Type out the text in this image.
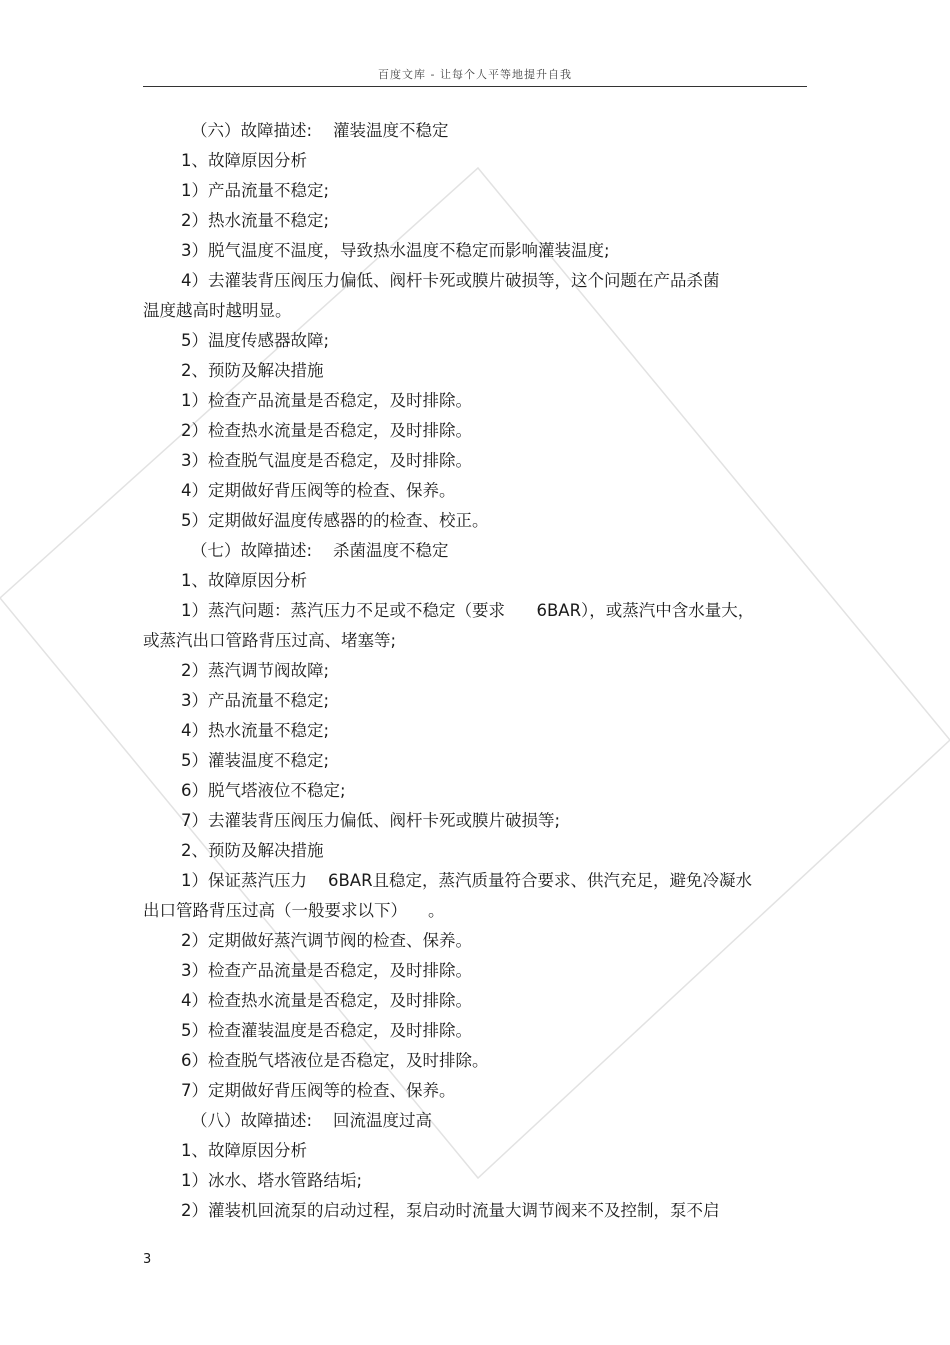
百度文库 - 让每个人平等地提升自我
（六）故障描述:    灌装温度不稳定
1、故障原因分析
1）产品流量不稳定;
2）热水流量不稳定;
3）脱气温度不温度，导致热水温度不稳定而影响灌装温度;
4）去灌装背压阀压力偏低、阀杆卡死或膜片破损等，这个问题在产品杀菌
温度越高时越明显。
5）温度传感器故障;
2、预防及解决措施
1）检查产品流量是否稳定，及时排除。
2）检查热水流量是否稳定，及时排除。
3）检查脱气温度是否稳定，及时排除。
4）定期做好背压阀等的检查、保养。
5）定期做好温度传感器的的检查、校正。
（七）故障描述:    杀菌温度不稳定
1、故障原因分析
1）蒸汽问题：蒸汽压力不足或不稳定（要求      6BAR），或蒸汽中含水量大，
或蒸汽出口管路背压过高、堵塞等;
2）蒸汽调节阀故障;
3）产品流量不稳定;
4）热水流量不稳定;
5）灌装温度不稳定;
6）脱气塔液位不稳定;
7）去灌装背压阀压力偏低、阀杆卡死或膜片破损等;
2、预防及解决措施
1）保证蒸汽压力    6BAR且稳定，蒸汽质量符合要求、供汽充足，避免冷凝水
出口管路背压过高（一般要求以下）    。
2）定期做好蒸汽调节阀的检查、保养。
3）检查产品流量是否稳定，及时排除。
4）检查热水流量是否稳定，及时排除。
5）检查灌装温度是否稳定，及时排除。
6）检查脱气塔液位是否稳定，及时排除。
7）定期做好背压阀等的检查、保养。
（八）故障描述:    回流温度过高
1、故障原因分析
1）冰水、塔水管路结垢;
2）灌装机回流泵的启动过程，泵启动时流量大调节阀来不及控制，泵不启
3
